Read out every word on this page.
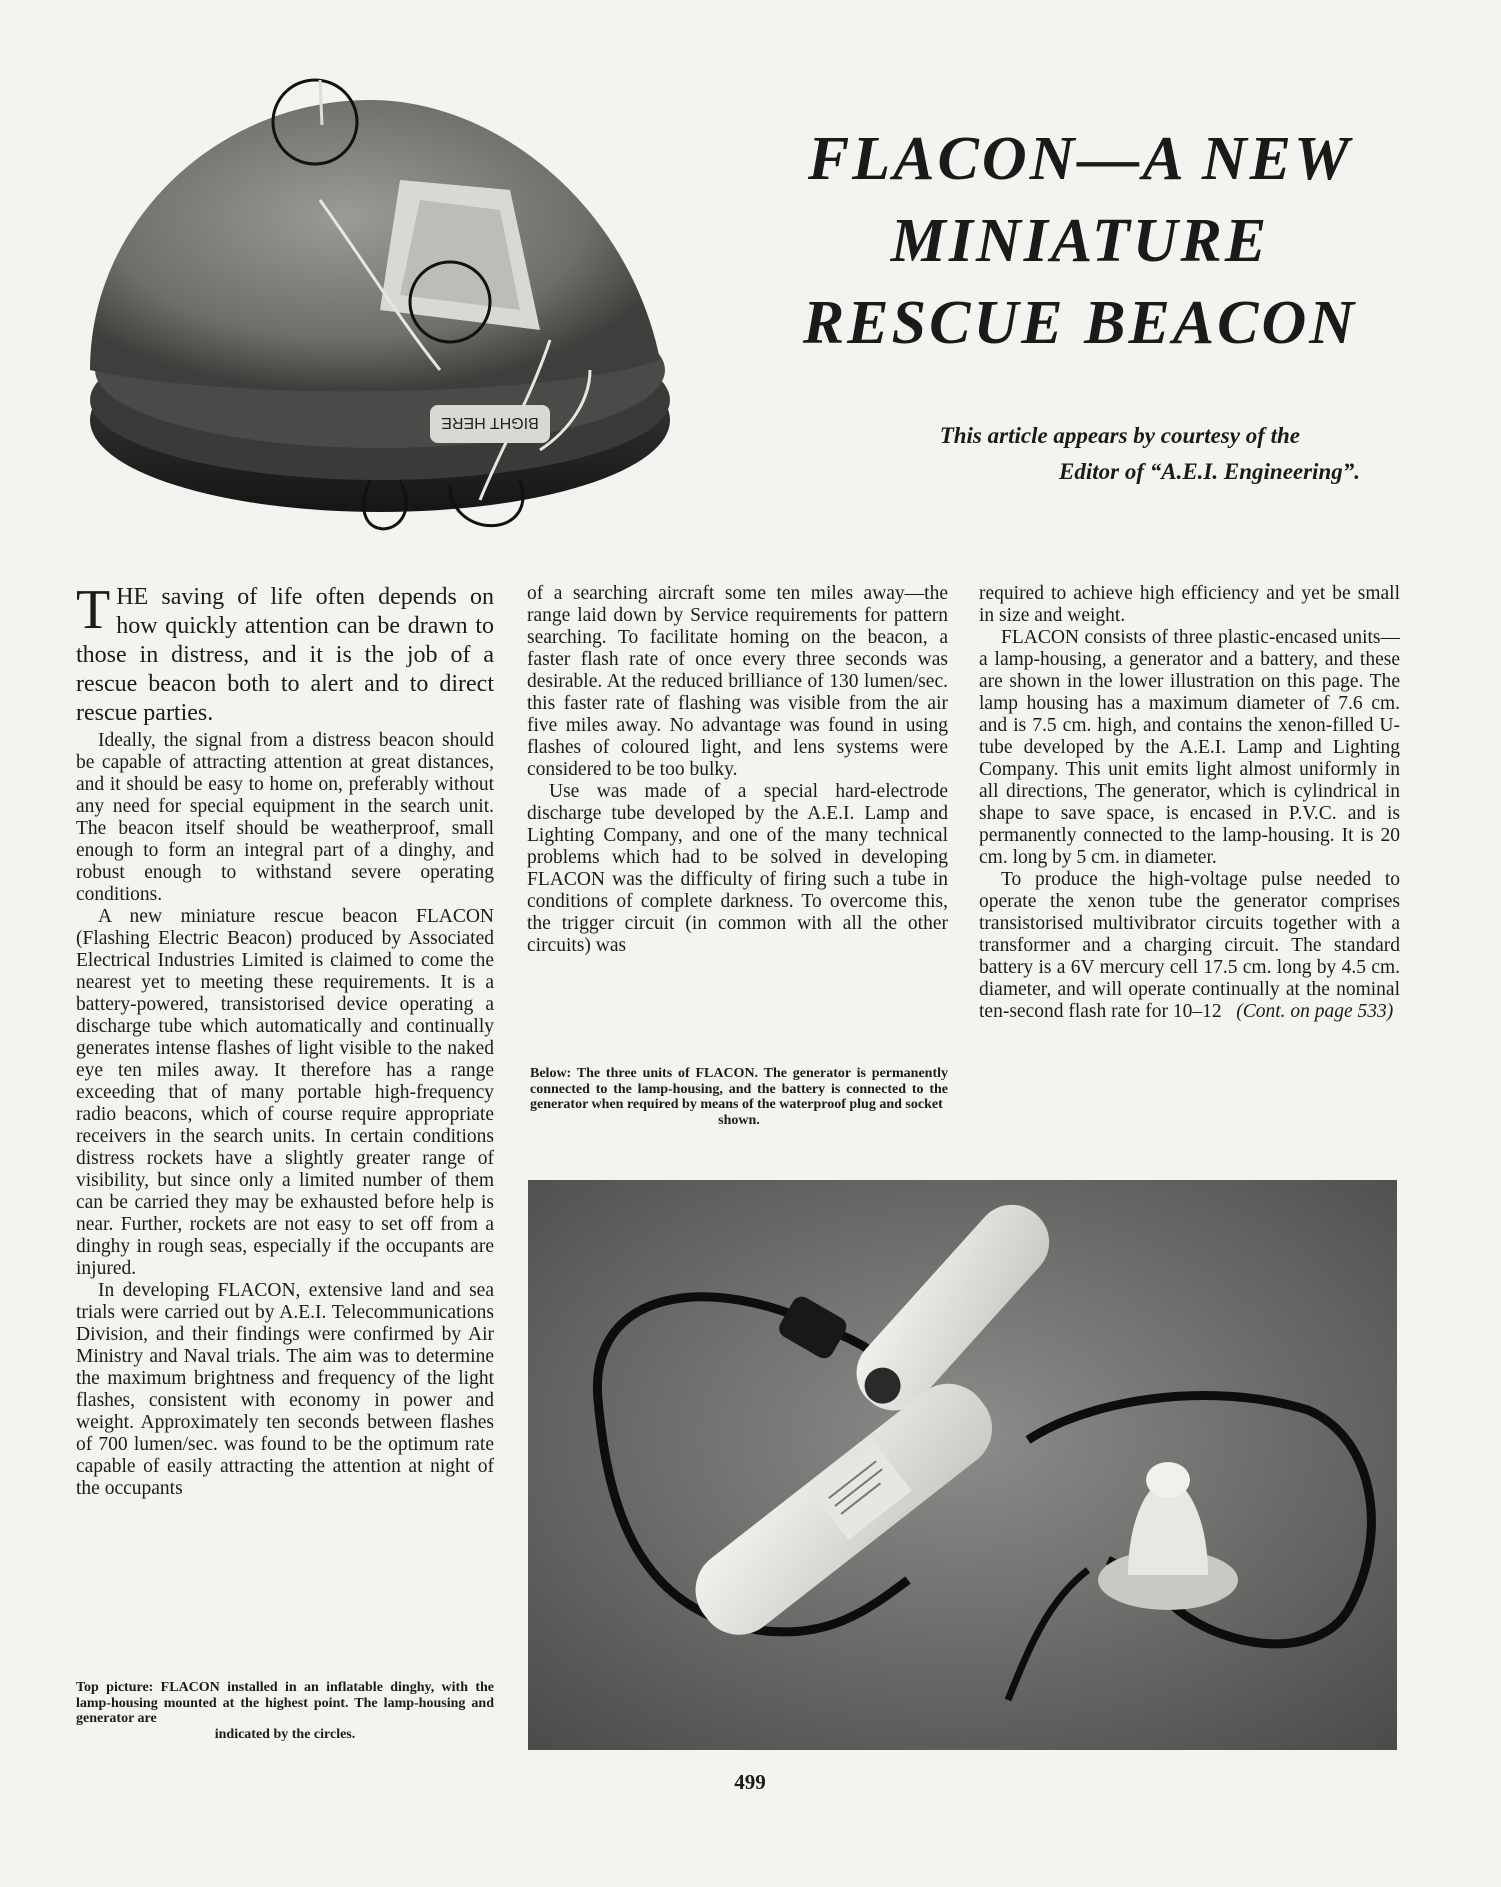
BIGHT HERE
FLACON—A NEW
MINIATURE
RESCUE BEACON
This article appears by courtesy of the
Editor of “A.E.I. Engineering”.

THE saving of life often depends on how quickly attention can be drawn to those in distress, and it is the job of a rescue beacon both to alert and to direct rescue parties.

Ideally, the signal from a distress beacon should be capable of attracting attention at great distances, and it should be easy to home on, preferably without any need for special equipment in the search unit. The beacon itself should be weatherproof, small enough to form an integral part of a dinghy, and robust enough to withstand severe operating conditions.

A new miniature rescue beacon FLACON (Flashing Electric Beacon) produced by Associated Electrical Industries Limited is claimed to come the nearest yet to meeting these requirements. It is a battery-powered, transistorised device operating a discharge tube which automatically and continually generates intense flashes of light visible to the naked eye ten miles away. It therefore has a range exceeding that of many portable high-frequency radio beacons, which of course require appropriate receivers in the search units. In certain conditions distress rockets have a slightly greater range of visibility, but since only a limited number of them can be carried they may be exhausted before help is near. Further, rockets are not easy to set off from a dinghy in rough seas, especially if the occupants are injured.

In developing FLACON, extensive land and sea trials were carried out by A.E.I. Telecommunications Division, and their findings were confirmed by Air Ministry and Naval trials. The aim was to determine the maximum brightness and frequency of the light flashes, consistent with economy in power and weight. Approximately ten seconds between flashes of 700 lumen/sec. was found to be the optimum rate capable of easily attracting the attention at night of the occupants

of a searching aircraft some ten miles away—the range laid down by Service requirements for pattern searching. To facilitate homing on the beacon, a faster flash rate of once every three seconds was desirable. At the reduced brilliance of 130 lumen/sec. this faster rate of flashing was visible from the air five miles away. No advantage was found in using flashes of coloured light, and lens systems were considered to be too bulky.

Use was made of a special hard-electrode discharge tube developed by the A.E.I. Lamp and Lighting Company, and one of the many technical problems which had to be solved in developing FLACON was the difficulty of firing such a tube in conditions of complete darkness. To overcome this, the trigger circuit (in common with all the other circuits) was

required to achieve high efficiency and yet be small in size and weight.

FLACON consists of three plastic-encased units—a lamp-housing, a generator and a battery, and these are shown in the lower illustration on this page. The lamp housing has a maximum diameter of 7.6 cm. and is 7.5 cm. high, and contains the xenon-filled U-tube developed by the A.E.I. Lamp and Lighting Company. This unit emits light almost uniformly in all directions, The generator, which is cylindrical in shape to save space, is encased in P.V.C. and is permanently connected to the lamp-housing. It is 20 cm. long by 5 cm. in diameter.

To produce the high-voltage pulse needed to operate the xenon tube the generator comprises transistorised multivibrator circuits together with a transformer and a charging circuit. The standard battery is a 6V mercury cell 17.5 cm. long by 4.5 cm. diameter, and will operate continually at the nominal ten-second flash rate for 10–12 (Cont. on page 533)

Below: The three units of FLACON. The generator is permanently connected to the lamp-housing, and the battery is connected to the generator when required by means of the waterproof plug and socket
shown.
Top picture: FLACON installed in an inflatable dinghy, with the lamp-housing mounted at the highest point. The lamp-housing and generator are
indicated by the circles.
499
